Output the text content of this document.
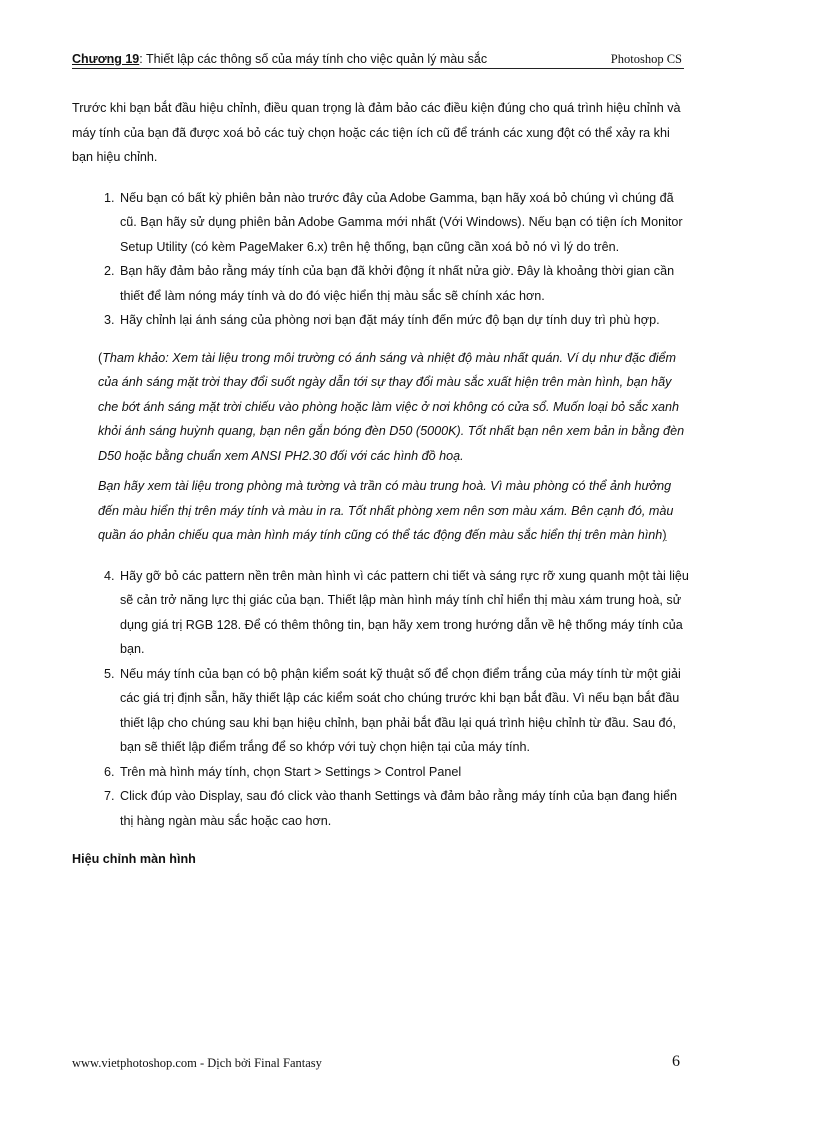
Chương 19: Thiết lập các thông số của máy tính cho việc quản lý màu sắc	Photoshop CS

Trước khi bạn bắt đầu hiệu chỉnh, điều quan trọng là đảm bảo các điều kiện đúng cho quá trình hiệu chỉnh và máy tính của bạn đã được xoá bỏ các tuỳ chọn hoặc các tiện ích cũ để tránh các xung đột có thể xảy ra khi bạn hiệu chỉnh.

1. Nếu bạn có bất kỳ phiên bản nào trước đây của Adobe Gamma, bạn hãy xoá bỏ chúng vì chúng đã cũ. Bạn hãy sử dụng phiên bản Adobe Gamma mới nhất (Với Windows). Nếu bạn có tiện ích Monitor Setup Utility (có kèm PageMaker 6.x) trên hệ thống, bạn cũng cần xoá bỏ nó vì lý do trên.
2. Bạn hãy đảm bảo rằng máy tính của bạn đã khởi động ít nhất nửa giờ. Đây là khoảng thời gian cần thiết để làm nóng máy tính và do đó việc hiển thị màu sắc sẽ chính xác hơn.
3. Hãy chỉnh lại ánh sáng của phòng nơi bạn đặt máy tính đến mức độ bạn dự tính duy trì phù hợp.

(Tham khảo: Xem tài liệu trong môi trường có ánh sáng và nhiệt độ màu nhất quán. Ví dụ như đặc điểm của ánh sáng mặt trời thay đổi suốt ngày dẫn tới sự thay đổi màu sắc xuất hiện trên màn hình, bạn hãy che bớt ánh sáng mặt trời chiếu vào phòng hoặc làm việc ở nơi không có cửa sổ. Muốn loại bỏ sắc xanh khỏi ánh sáng huỳnh quang, bạn nên gắn bóng đèn D50 (5000K). Tốt nhất bạn nên xem bản in bằng đèn D50 hoặc bằng chuẩn xem ANSI PH2.30 đối với các hình đồ hoạ.

Bạn hãy xem tài liệu trong phòng mà tường và trần có màu trung hoà. Vì màu phòng có thể ảnh hưởng đến màu hiển thị trên máy tính và màu in ra. Tốt nhất phòng xem nên sơn màu xám. Bên cạnh đó, màu quần áo phản chiếu qua màn hình máy tính cũng có thể tác động đến màu sắc hiển thị trên màn hình)

4. Hãy gỡ bỏ các pattern nền trên màn hình vì các pattern chi tiết và sáng rực rỡ xung quanh một tài liệu sẽ cản trở năng lực thị giác của bạn. Thiết lập màn hình máy tính chỉ hiển thị màu xám trung hoà, sử dụng giá trị RGB 128. Để có thêm thông tin, bạn hãy xem trong hướng dẫn về hệ thống máy tính của bạn.
5. Nếu máy tính của bạn có bộ phận kiểm soát kỹ thuật số để chọn điểm trắng của máy tính từ một giải các giá trị định sẵn, hãy thiết lập các kiểm soát cho chúng trước khi bạn bắt đầu. Vì nếu bạn bắt đầu thiết lập cho chúng sau khi bạn hiệu chỉnh, bạn phải bắt đầu lại quá trình hiệu chỉnh từ đầu. Sau đó, bạn sẽ thiết lập điểm trắng để so khớp với tuỳ chọn hiện tại của máy tính.
6. Trên mà hình máy tính, chọn Start > Settings > Control Panel
7. Click đúp vào Display, sau đó click vào thanh Settings và đảm bảo rằng máy tính của bạn đang hiển thị hàng ngàn màu sắc hoặc cao hơn.

Hiệu chỉnh màn hình

www.vietphotoshop.com - Dịch bởi Final Fantasy	6
